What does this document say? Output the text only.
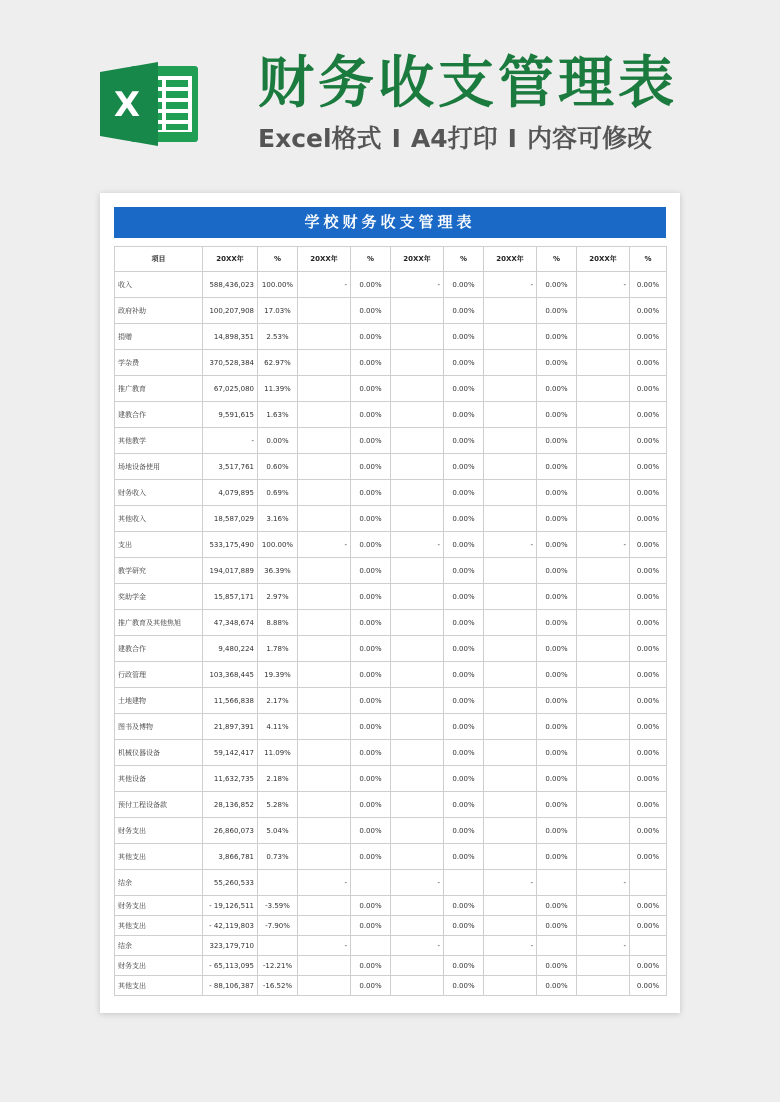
X 财务收支管理表
Excel格式 I A4打印 I 内容可修改
学校财务收支管理表
项目	20XX年	%	20XX年	%	20XX年	%	20XX年	%	20XX年	%
收入	588,436,023	100.00%	-	0.00%	-	0.00%	-	0.00%	-	0.00%
政府补助	100,207,908	17.03%		0.00%		0.00%		0.00%		0.00%
捐赠	14,898,351	2.53%		0.00%		0.00%		0.00%		0.00%
学杂费	370,528,384	62.97%		0.00%		0.00%		0.00%		0.00%
推广教育	67,025,080	11.39%		0.00%		0.00%		0.00%		0.00%
建教合作	9,591,615	1.63%		0.00%		0.00%		0.00%		0.00%
其他教学	-	0.00%		0.00%		0.00%		0.00%		0.00%
场地设备使用	3,517,761	0.60%		0.00%		0.00%		0.00%		0.00%
财务收入	4,079,895	0.69%		0.00%		0.00%		0.00%		0.00%
其他收入	18,587,029	3.16%		0.00%		0.00%		0.00%		0.00%
支出	533,175,490	100.00%	-	0.00%	-	0.00%	-	0.00%	-	0.00%
教学研究	194,017,889	36.39%		0.00%		0.00%		0.00%		0.00%
奖助学金	15,857,171	2.97%		0.00%		0.00%		0.00%		0.00%
推广教育及其他焦旭	47,348,674	8.88%		0.00%		0.00%		0.00%		0.00%
建教合作	9,480,224	1.78%		0.00%		0.00%		0.00%		0.00%
行政管理	103,368,445	19.39%		0.00%		0.00%		0.00%		0.00%
土地建物	11,566,838	2.17%		0.00%		0.00%		0.00%		0.00%
图书及博物	21,897,391	4.11%		0.00%		0.00%		0.00%		0.00%
机械仪器设备	59,142,417	11.09%		0.00%		0.00%		0.00%		0.00%
其他设备	11,632,735	2.18%		0.00%		0.00%		0.00%		0.00%
预付工程设备款	28,136,852	5.28%		0.00%		0.00%		0.00%		0.00%
财务支出	26,860,073	5.04%		0.00%		0.00%		0.00%		0.00%
其他支出	3,866,781	0.73%		0.00%		0.00%		0.00%		0.00%
结余	55,260,533		-		-		-		-	
财务支出	- 19,126,511	-3.59%		0.00%		0.00%		0.00%		0.00%
其他支出	- 42,119,803	-7.90%		0.00%		0.00%		0.00%		0.00%
结余	323,179,710		-		-		-		-	
财务支出	- 65,113,095	-12.21%		0.00%		0.00%		0.00%		0.00%
其他支出	- 88,106,387	-16.52%		0.00%		0.00%		0.00%		0.00%
